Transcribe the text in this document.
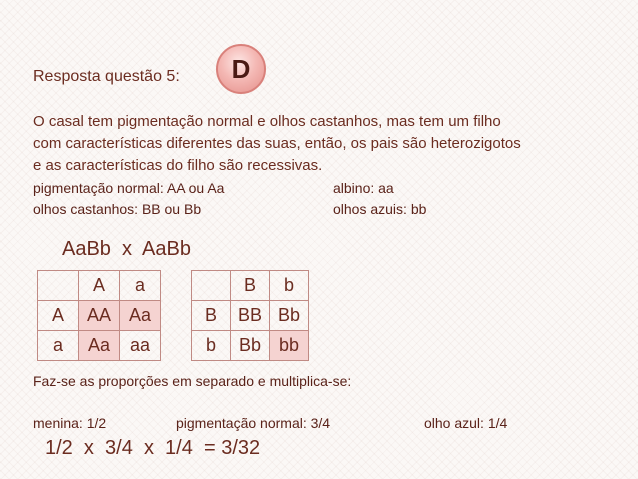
Resposta questão 5:	D
O casal tem pigmentação normal e olhos castanhos, mas tem um filho
com características diferentes das suas, então, os pais são heterozigotos
e as características do filho são recessivas.
pigmentação normal: AA ou Aa	albino: aa
olhos castanhos: BB ou Bb	olhos azuis: bb
AaBb  x  AaBb
	A	a
A	AA	Aa
a	Aa	aa
	B	b
B	BB	Bb
b	Bb	bb
Faz-se as proporções em separado e multiplica-se:
menina: 1/2	pigmentação normal: 3/4	olho azul: 1/4
1/2  x  3/4  x  1/4  = 3/32
